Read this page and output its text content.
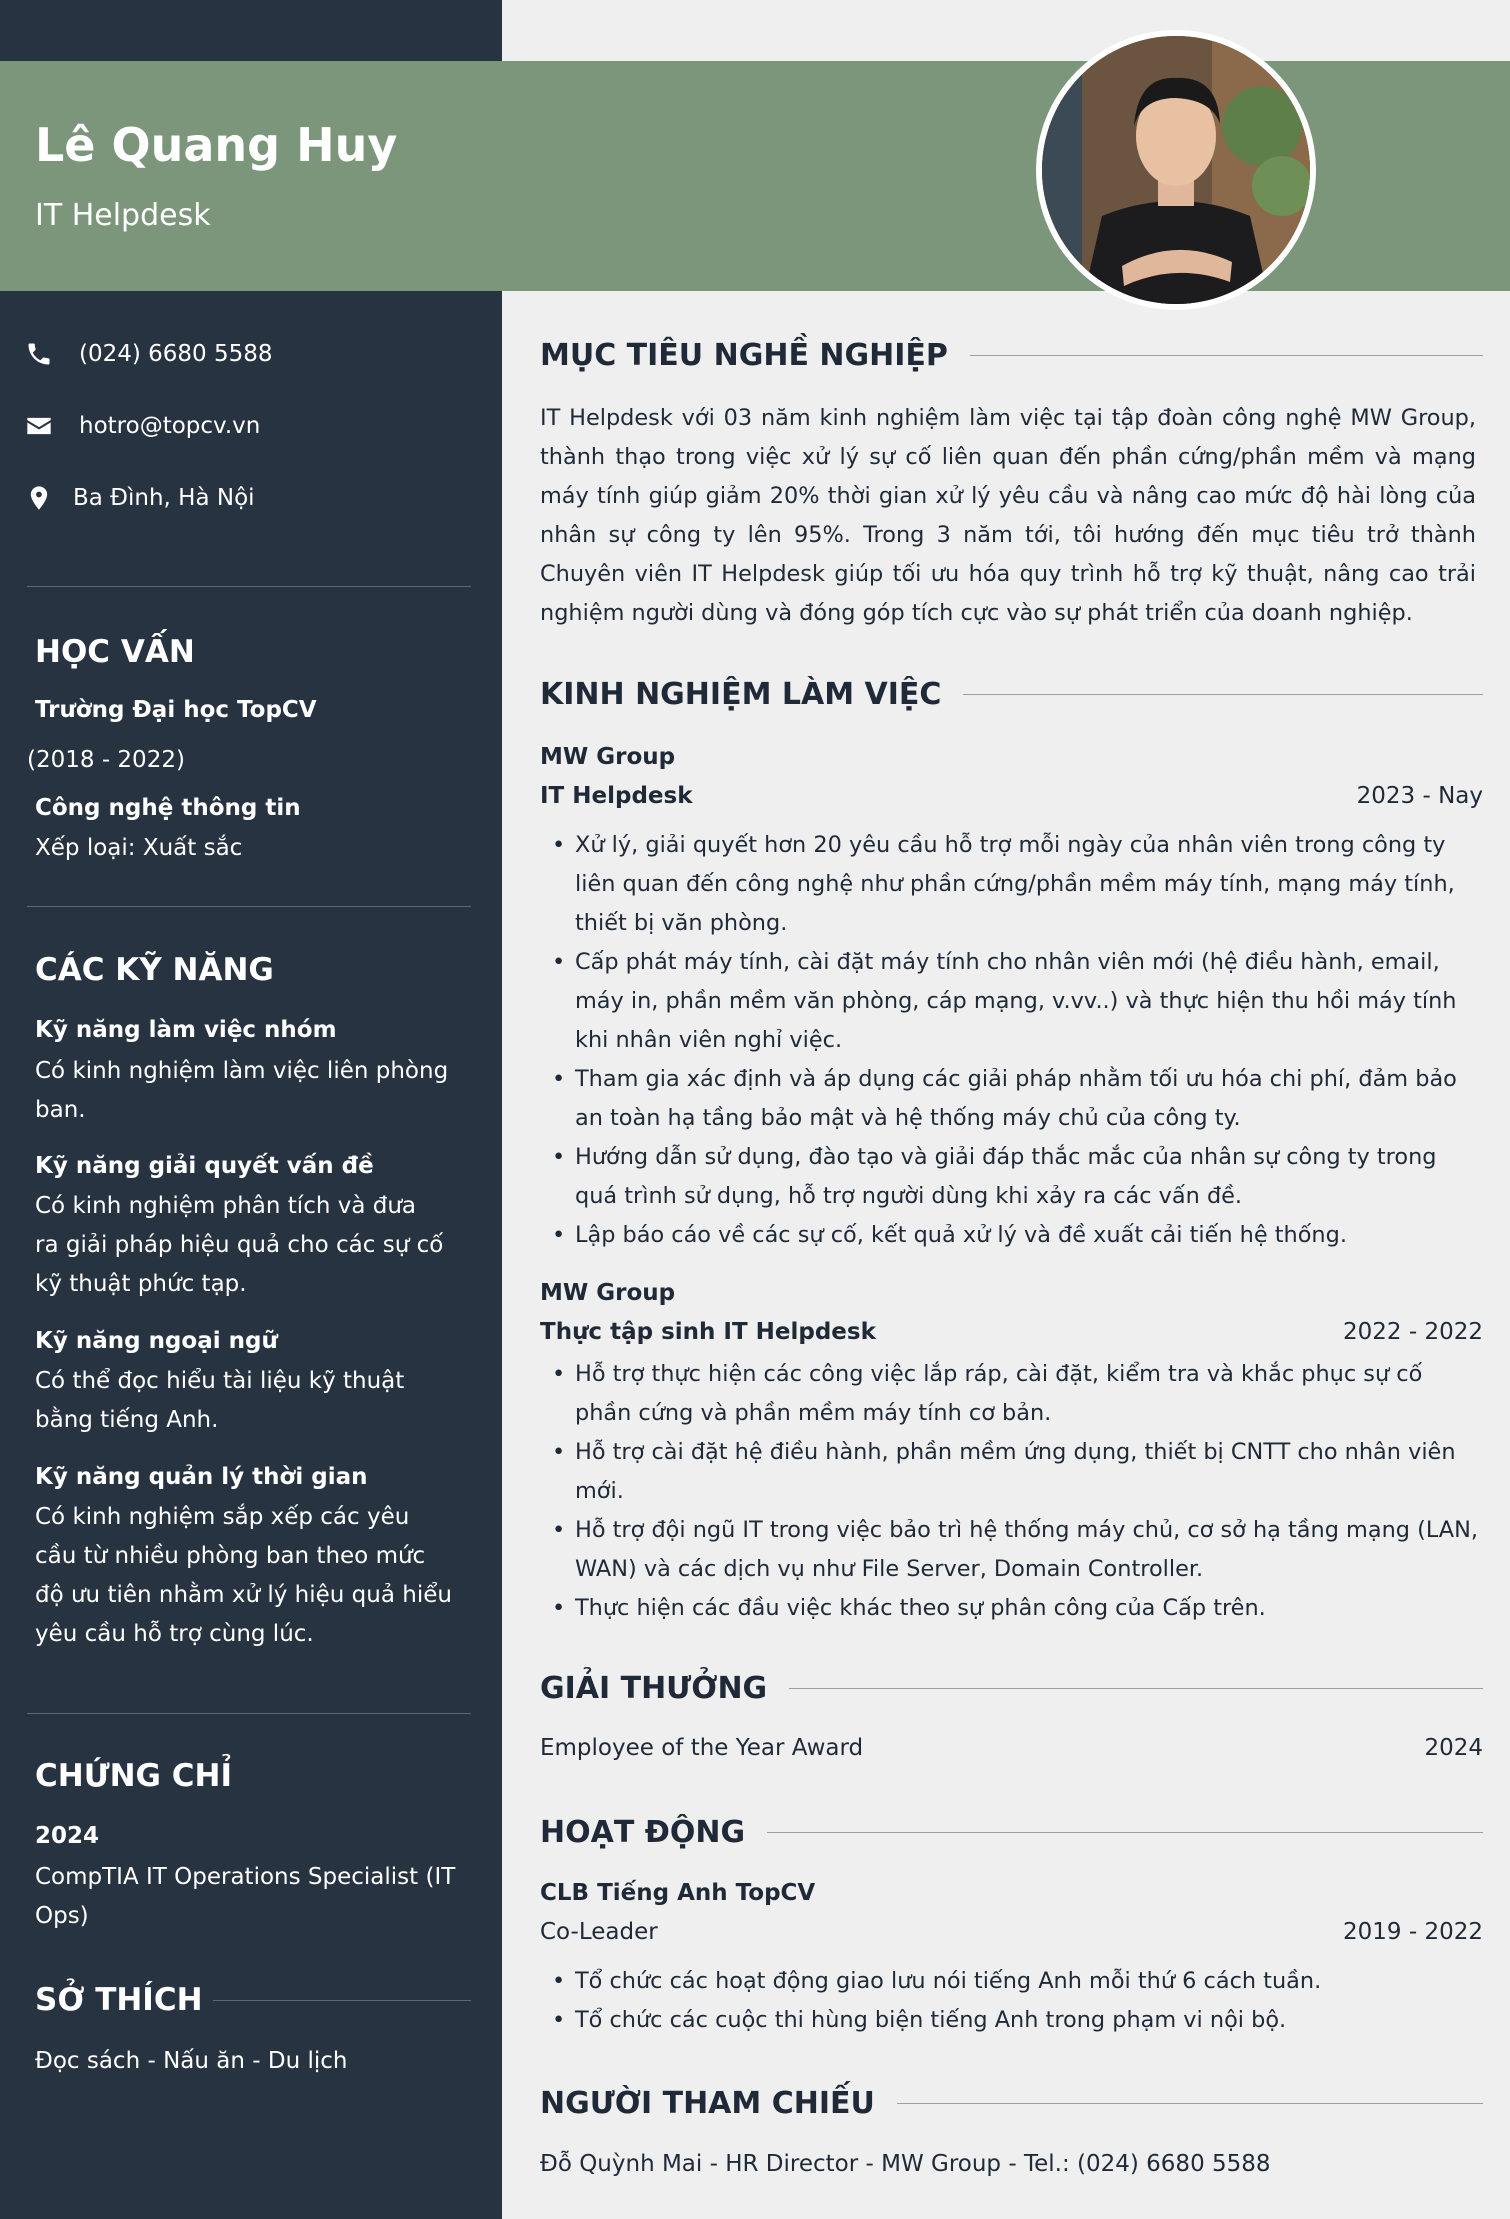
Lê Quang Huy
IT Helpdesk
(024) 6680 5588
hotro@topcv.vn
Ba Đình, Hà Nội
HỌC VẤN
Trường Đại học TopCV
(2018 - 2022)
Công nghệ thông tin
Xếp loại: Xuất sắc
CÁC KỸ NĂNG
Kỹ năng làm việc nhóm
Có kinh nghiệm làm việc liên phòng ban.
Kỹ năng giải quyết vấn đề
Có kinh nghiệm phân tích và đưa ra giải pháp hiệu quả cho các sự cố kỹ thuật phức tạp.
Kỹ năng ngoại ngữ
Có thể đọc hiểu tài liệu kỹ thuật bằng tiếng Anh.
Kỹ năng quản lý thời gian
Có kinh nghiệm sắp xếp các yêu cầu từ nhiều phòng ban theo mức độ ưu tiên nhằm xử lý hiệu quả hiểu yêu cầu hỗ trợ cùng lúc.
CHỨNG CHỈ
2024
CompTIA IT Operations Specialist (IT Ops)
SỞ THÍCH
Đọc sách - Nấu ăn - Du lịch
MỤC TIÊU NGHỀ NGHIỆP
IT Helpdesk với 03 năm kinh nghiệm làm việc tại tập đoàn công nghệ MW Group, thành thạo trong việc xử lý sự cố liên quan đến phần cứng/phần mềm và mạng máy tính giúp giảm 20% thời gian xử lý yêu cầu và nâng cao mức độ hài lòng của nhân sự công ty lên 95%. Trong 3 năm tới, tôi hướng đến mục tiêu trở thành Chuyên viên IT Helpdesk giúp tối ưu hóa quy trình hỗ trợ kỹ thuật, nâng cao trải nghiệm người dùng và đóng góp tích cực vào sự phát triển của doanh nghiệp.
KINH NGHIỆM LÀM VIỆC
MW Group
IT Helpdesk	2023 - Nay
• Xử lý, giải quyết hơn 20 yêu cầu hỗ trợ mỗi ngày của nhân viên trong công ty liên quan đến công nghệ như phần cứng/phần mềm máy tính, mạng máy tính, thiết bị văn phòng.
• Cấp phát máy tính, cài đặt máy tính cho nhân viên mới (hệ điều hành, email, máy in, phần mềm văn phòng, cáp mạng, v.vv..) và thực hiện thu hồi máy tính khi nhân viên nghỉ việc.
• Tham gia xác định và áp dụng các giải pháp nhằm tối ưu hóa chi phí, đảm bảo an toàn hạ tầng bảo mật và hệ thống máy chủ của công ty.
• Hướng dẫn sử dụng, đào tạo và giải đáp thắc mắc của nhân sự công ty trong quá trình sử dụng, hỗ trợ người dùng khi xảy ra các vấn đề.
• Lập báo cáo về các sự cố, kết quả xử lý và đề xuất cải tiến hệ thống.
MW Group
Thực tập sinh IT Helpdesk	2022 - 2022
• Hỗ trợ thực hiện các công việc lắp ráp, cài đặt, kiểm tra và khắc phục sự cố phần cứng và phần mềm máy tính cơ bản.
• Hỗ trợ cài đặt hệ điều hành, phần mềm ứng dụng, thiết bị CNTT cho nhân viên mới.
• Hỗ trợ đội ngũ IT trong việc bảo trì hệ thống máy chủ, cơ sở hạ tầng mạng (LAN, WAN) và các dịch vụ như File Server, Domain Controller.
• Thực hiện các đầu việc khác theo sự phân công của Cấp trên.
GIẢI THƯỞNG
Employee of the Year Award	2024
HOẠT ĐỘNG
CLB Tiếng Anh TopCV
Co-Leader	2019 - 2022
• Tổ chức các hoạt động giao lưu nói tiếng Anh mỗi thứ 6 cách tuần.
• Tổ chức các cuộc thi hùng biện tiếng Anh trong phạm vi nội bộ.
NGƯỜI THAM CHIẾU
Đỗ Quỳnh Mai - HR Director - MW Group - Tel.: (024) 6680 5588
